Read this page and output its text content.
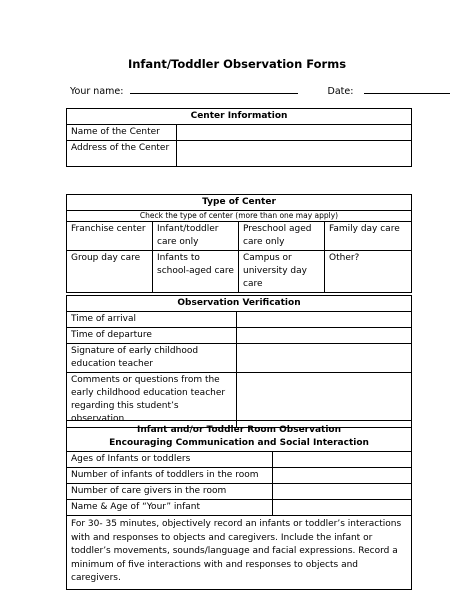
Infant/Toddler Observation Forms
Your name:	Date:
Center Information	
Name of the Center	
Address of the Center	
Type of Center			
Check the type of center (more than one may apply)			
Franchise center	Infant/toddler care only	Preschool aged care only	Family day care
Group day care	Infants to school-aged care	Campus or university day care	Other?
Observation Verification	
Time of arrival	
Time of departure	
Signature of early childhood education teacher	
Comments or questions from the early childhood education teacher regarding this student’s observation	
Infant and/or Toddler Room Observation
Encouraging Communication and Social Interaction	

Ages of Infants or toddlers	
Number of infants of toddlers in the room	
Number of care givers in the room	
Name & Age of “Your” infant	
For 30- 35 minutes, objectively record an infants or toddler’s interactions with and responses to objects and caregivers. Include the infant or toddler’s movements, sounds/language and facial expressions. Record a minimum of five interactions with and responses to objects and caregivers.	
